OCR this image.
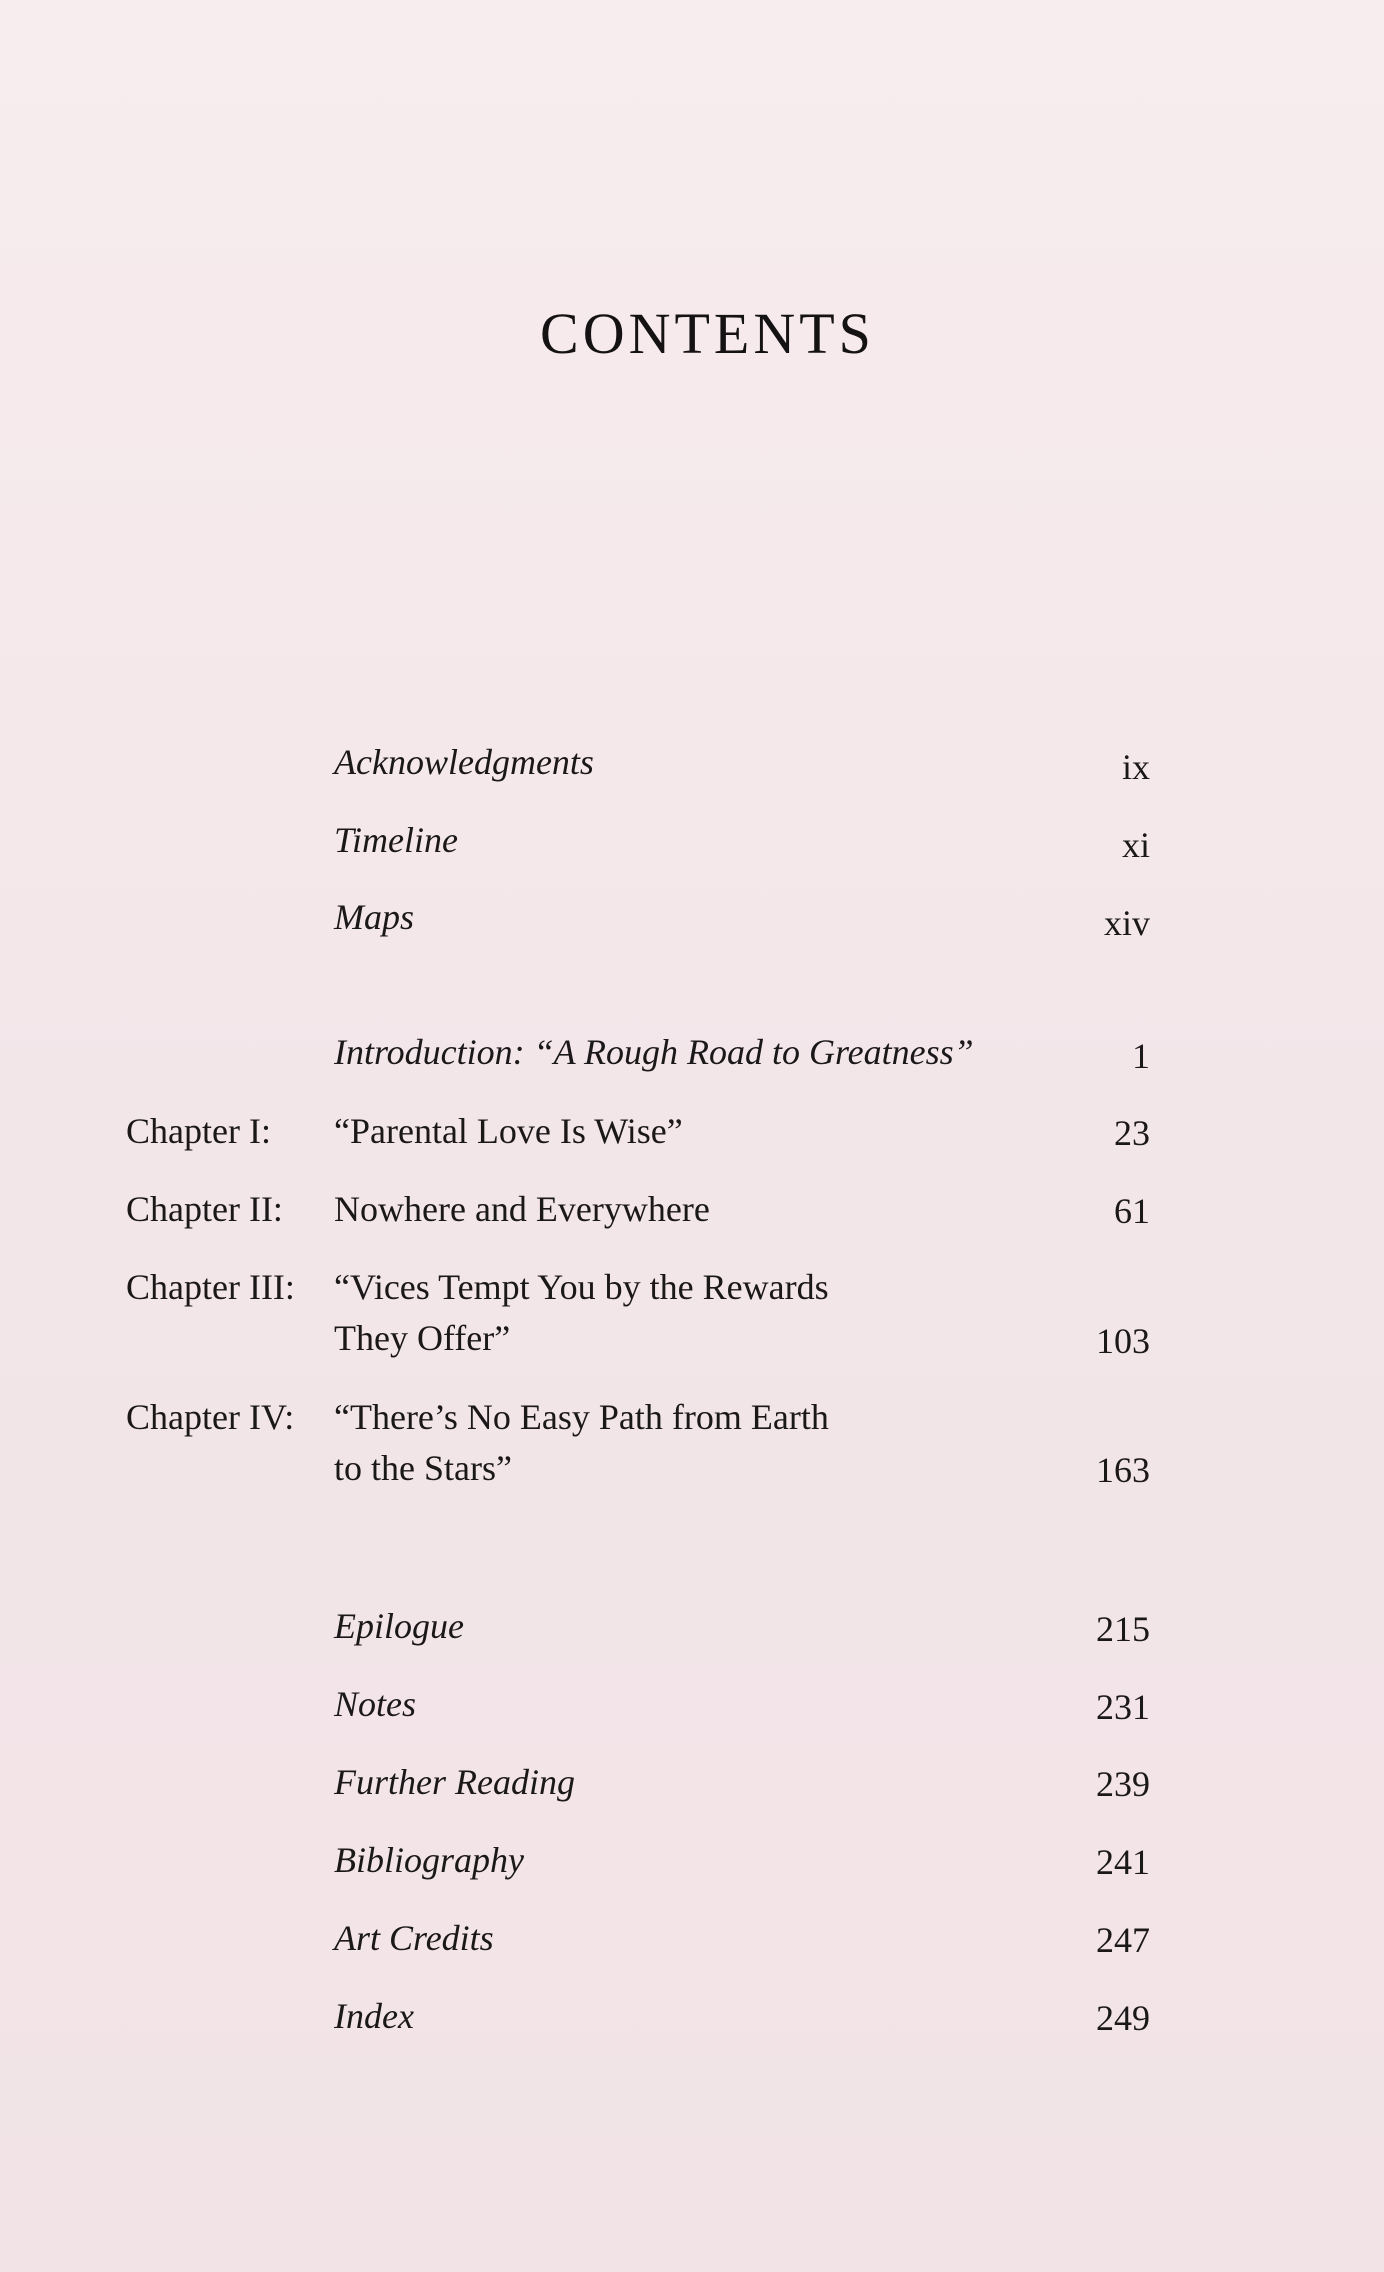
CONTENTS
Acknowledgments	ix
Timeline	xi
Maps	xiv
Introduction: “A Rough Road to Greatness”	1
Chapter I: “Parental Love Is Wise”	23
Chapter II: Nowhere and Everywhere	61
Chapter III: “Vices Tempt You by the Rewards
They Offer”	103
Chapter IV: “There’s No Easy Path from Earth
to the Stars”	163
Epilogue	215
Notes	231
Further Reading	239
Bibliography	241
Art Credits	247
Index	249
